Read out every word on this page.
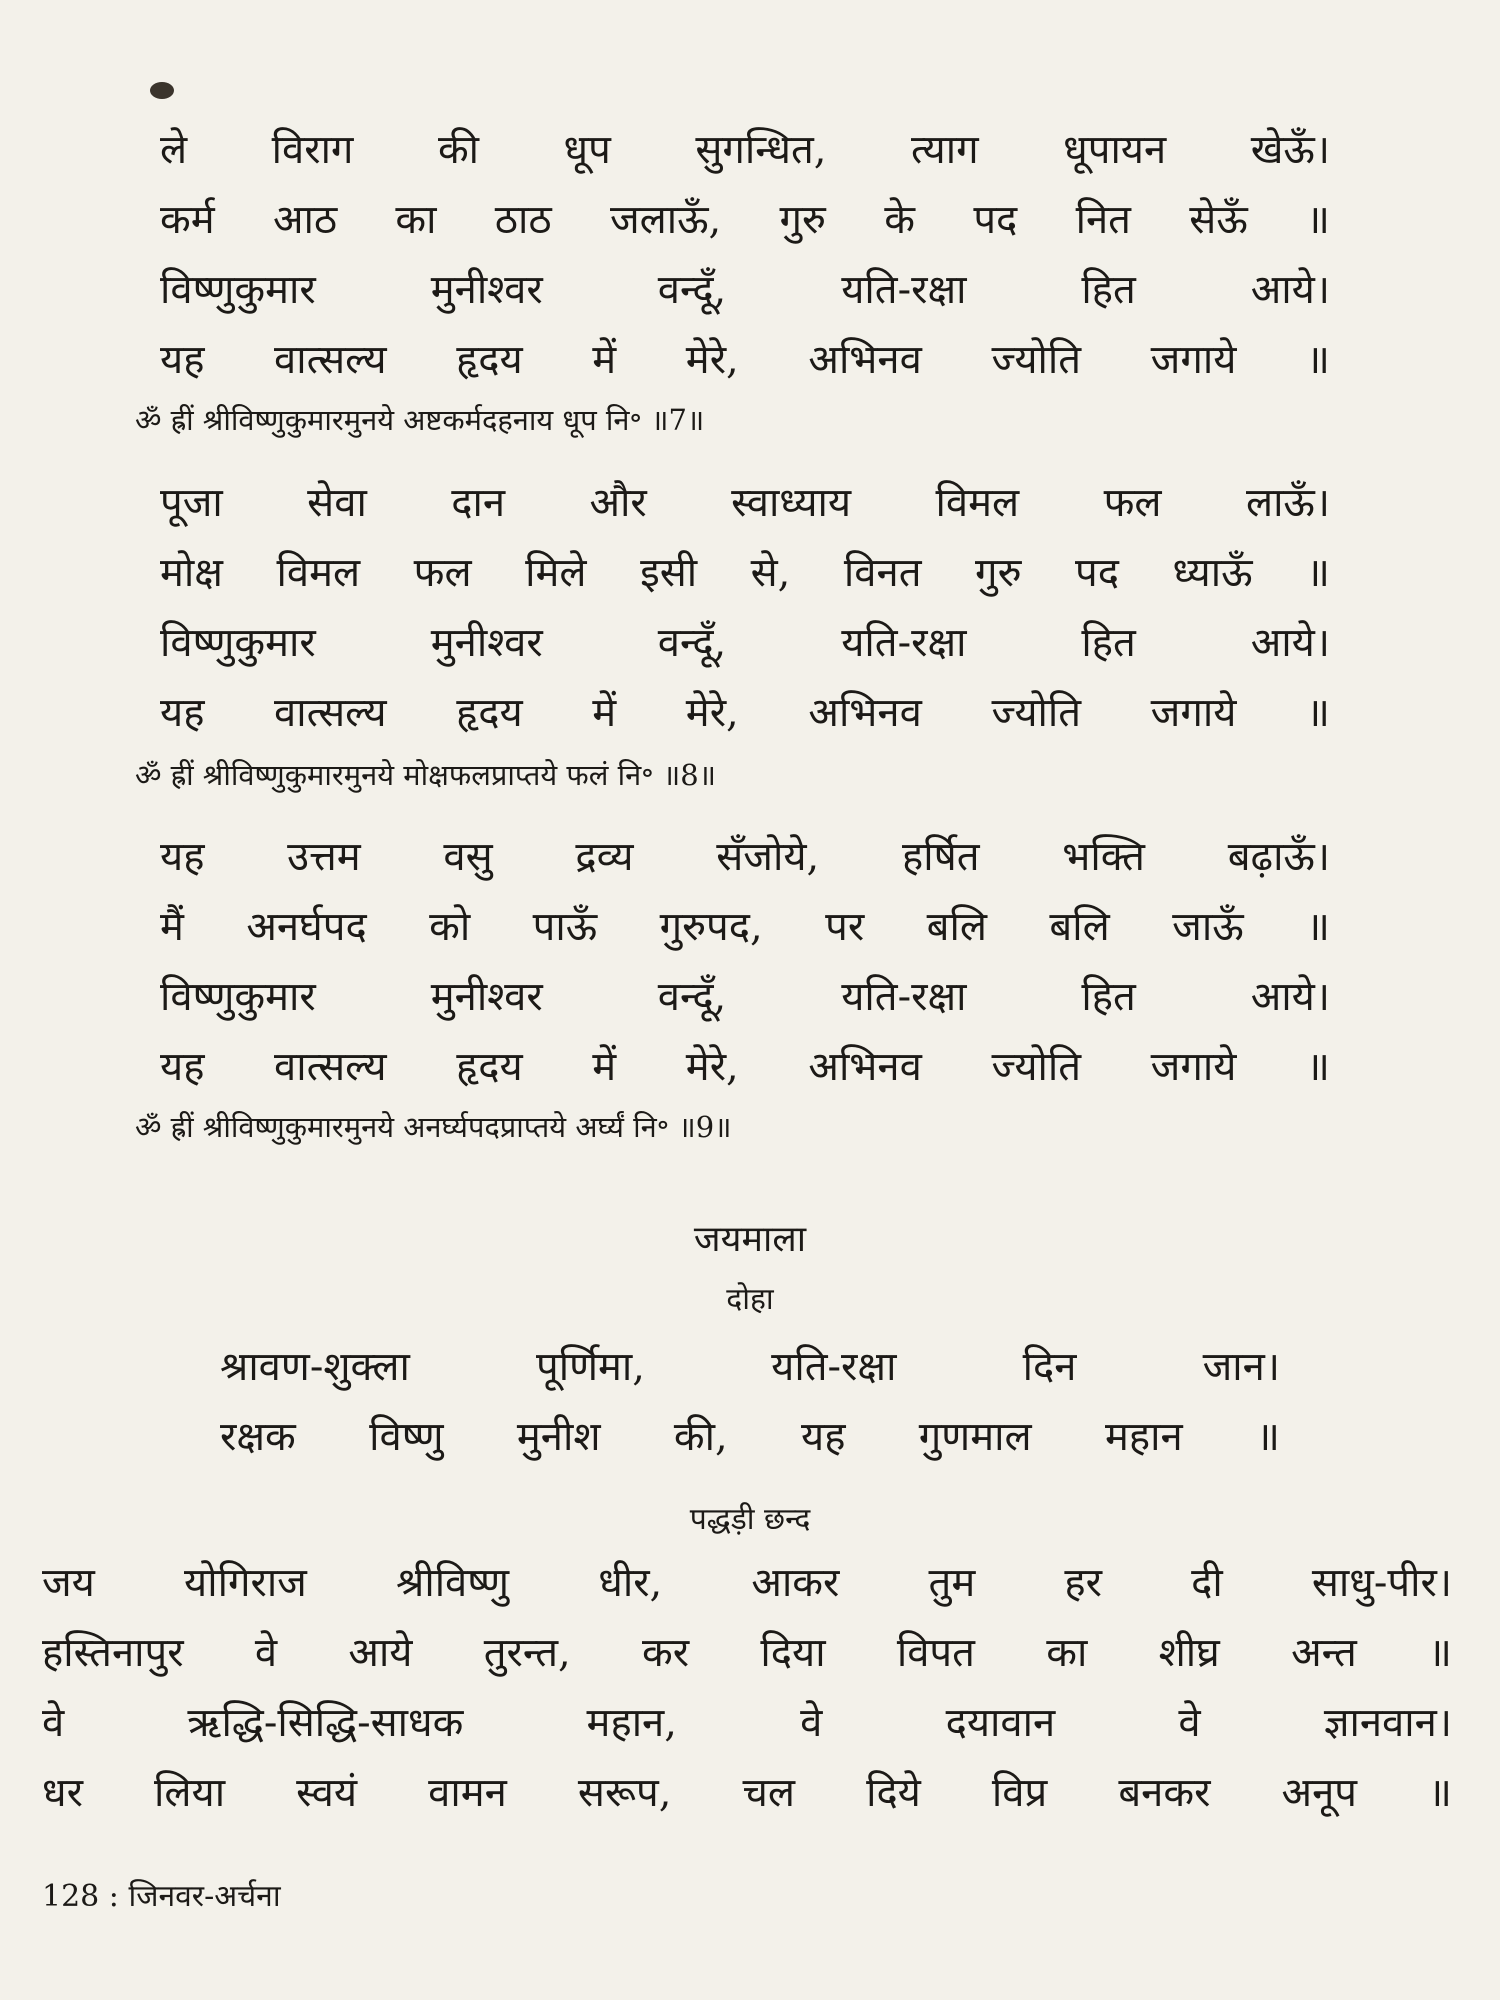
ले विराग की धूप सुगन्धित, त्याग धूपायन खेऊँ।
कर्म आठ का ठाठ जलाऊँ, गुरु के पद नित सेऊँ ॥
विष्णुकुमार मुनीश्वर वन्दूँ, यति-रक्षा हित आये।
यह वात्सल्य हृदय में मेरे, अभिनव ज्योति जगाये ॥
ॐ ह्रीं श्रीविष्णुकुमारमुनये अष्टकर्मदहनाय धूप नि॰ ॥7॥
पूजा सेवा दान और स्वाध्याय विमल फल लाऊँ।
मोक्ष विमल फल मिले इसी से, विनत गुरु पद ध्याऊँ ॥
विष्णुकुमार मुनीश्वर वन्दूँ, यति-रक्षा हित आये।
यह वात्सल्य हृदय में मेरे, अभिनव ज्योति जगाये ॥
ॐ ह्रीं श्रीविष्णुकुमारमुनये मोक्षफलप्राप्तये फलं नि॰ ॥8॥
यह उत्तम वसु द्रव्य सँजोये, हर्षित भक्ति बढ़ाऊँ।
मैं अनर्घपद को पाऊँ गुरुपद, पर बलि बलि जाऊँ ॥
विष्णुकुमार मुनीश्वर वन्दूँ, यति-रक्षा हित आये।
यह वात्सल्य हृदय में मेरे, अभिनव ज्योति जगाये ॥
ॐ ह्रीं श्रीविष्णुकुमारमुनये अनर्घ्यपदप्राप्तये अर्घ्यं नि॰ ॥9॥
जयमाला
दोहा
श्रावण-शुक्ला पूर्णिमा, यति-रक्षा दिन जान।
रक्षक विष्णु मुनीश की, यह गुणमाल महान ॥
पद्धड़ी छन्द
जय योगिराज श्रीविष्णु धीर, आकर तुम हर दी साधु-पीर।
हस्तिनापुर वे आये तुरन्त, कर दिया विपत का शीघ्र अन्त ॥
वे ऋद्धि-सिद्धि-साधक महान, वे दयावान वे ज्ञानवान।
धर लिया स्वयं वामन सरूप, चल दिये विप्र बनकर अनूप ॥
128 : जिनवर-अर्चना
